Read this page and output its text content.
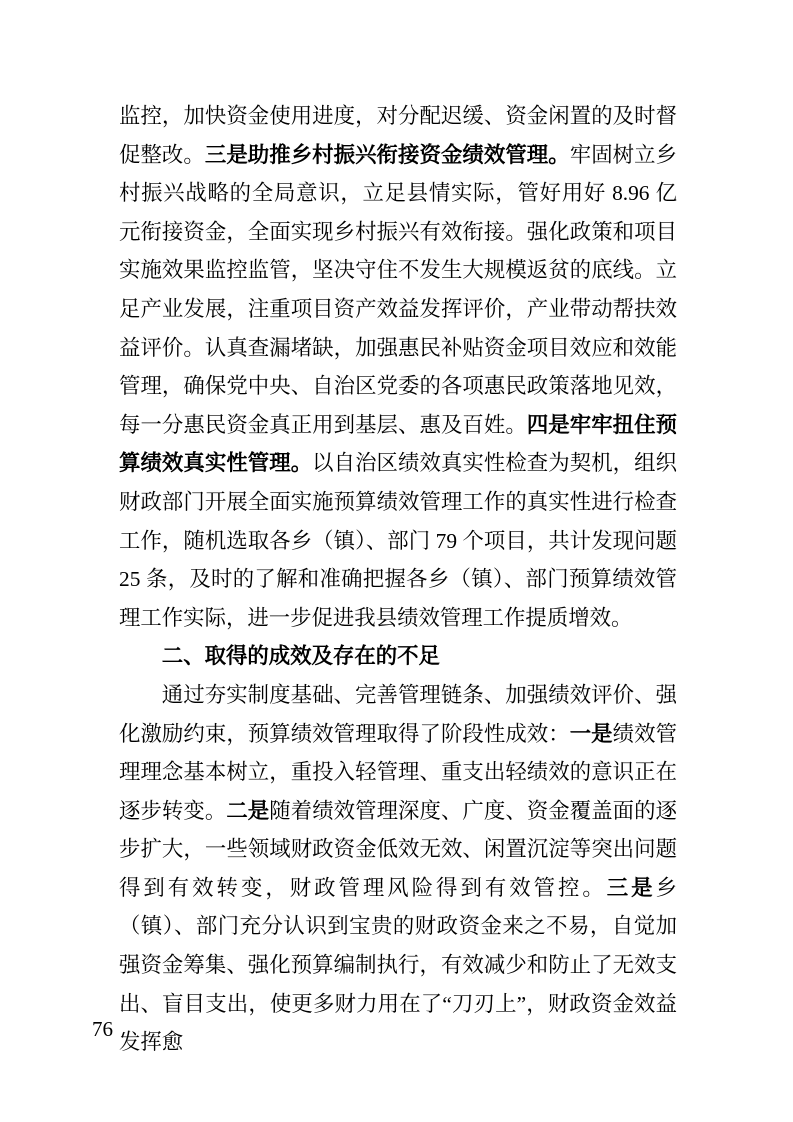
监控，加快资金使用进度，对分配迟缓、资金闲置的及时督促整改。三是助推乡村振兴衔接资金绩效管理。牢固树立乡村振兴战略的全局意识，立足县情实际，管好用好 8.96 亿元衔接资金，全面实现乡村振兴有效衔接。强化政策和项目实施效果监控监管，坚决守住不发生大规模返贫的底线。立足产业发展，注重项目资产效益发挥评价，产业带动帮扶效益评价。认真查漏堵缺，加强惠民补贴资金项目效应和效能管理，确保党中央、自治区党委的各项惠民政策落地见效，每一分惠民资金真正用到基层、惠及百姓。四是牢牢扭住预算绩效真实性管理。以自治区绩效真实性检查为契机，组织财政部门开展全面实施预算绩效管理工作的真实性进行检查工作，随机选取各乡（镇）、部门 79 个项目，共计发现问题 25 条，及时的了解和准确把握各乡（镇）、部门预算绩效管理工作实际，进一步促进我县绩效管理工作提质增效。

二、取得的成效及存在的不足

通过夯实制度基础、完善管理链条、加强绩效评价、强化激励约束，预算绩效管理取得了阶段性成效：一是绩效管理理念基本树立，重投入轻管理、重支出轻绩效的意识正在逐步转变。二是随着绩效管理深度、广度、资金覆盖面的逐步扩大，一些领域财政资金低效无效、闲置沉淀等突出问题得到有效转变，财政管理风险得到有效管控。三是乡（镇）、部门充分认识到宝贵的财政资金来之不易，自觉加强资金筹集、强化预算编制执行，有效减少和防止了无效支出、盲目支出，使更多财力用在了“刀刃上”，财政资金效益发挥愈

76
